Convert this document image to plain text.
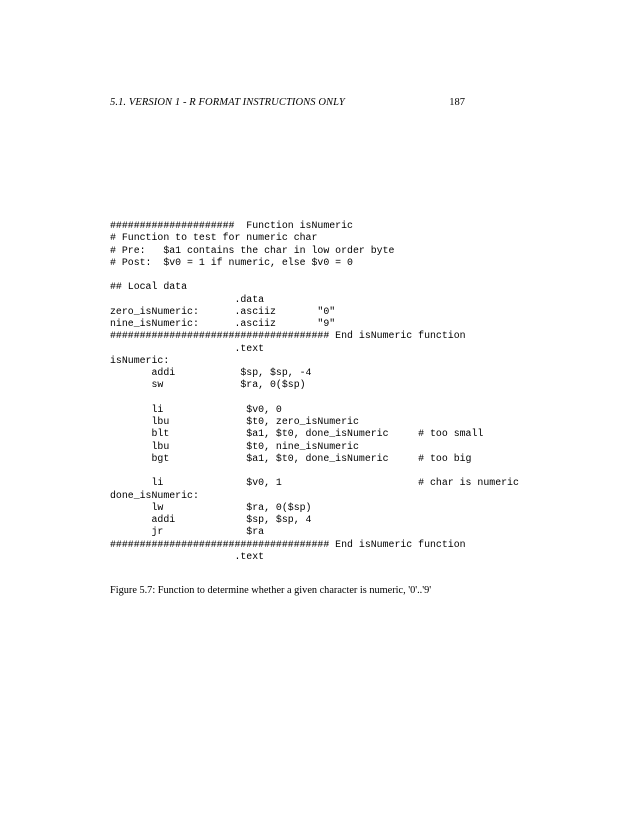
5.1. VERSION 1 - R FORMAT INSTRUCTIONS ONLY	187
#####################  Function isNumeric
# Function to test for numeric char
# Pre:   $a1 contains the char in low order byte
# Post:  $v0 = 1 if numeric, else $v0 = 0
## Local data
.data
zero_isNumeric:      .asciiz       "0"
nine_isNumeric:      .asciiz       "9"
##################################### End isNumeric function
.text
isNumeric:
addi           $sp, $sp, -4
sw             $ra, 0($sp)
li              $v0, 0
lbu             $t0, zero_isNumeric
blt             $a1, $t0, done_isNumeric     # too small
lbu             $t0, nine_isNumeric
bgt             $a1, $t0, done_isNumeric     # too big
li              $v0, 1                       # char is numeric
done_isNumeric:
lw              $ra, 0($sp)
addi            $sp, $sp, 4
jr              $ra
##################################### End isNumeric function
.text
Figure 5.7: Function to determine whether a given character is numeric, '0'..'9'
